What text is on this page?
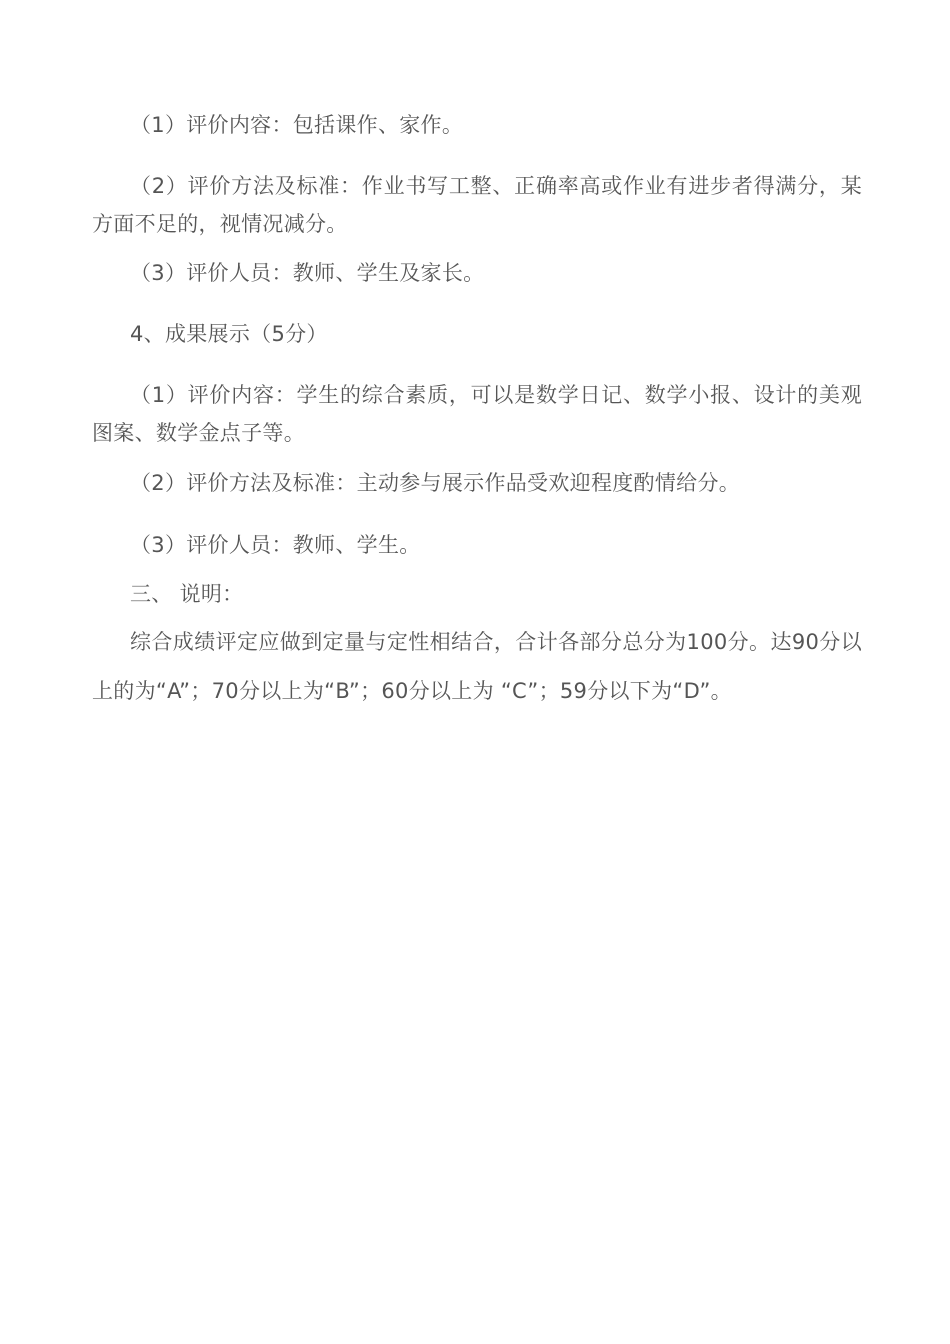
（1）评价内容：包括课作、家作。

（2）评价方法及标准：作业书写工整、正确率高或作业有进步者得满分，某方面不足的，视情况减分。

（3）评价人员：教师、学生及家长。

4、成果展示（5分）

（1）评价内容：学生的综合素质，可以是数学日记、数学小报、设计的美观图案、数学金点子等。

（2）评价方法及标准：主动参与展示作品受欢迎程度酌情给分。

（3）评价人员：教师、学生。

三、 说明：

综合成绩评定应做到定量与定性相结合，合计各部分总分为100分。达90分以上的为“A”；70分以上为“B”；60分以上为 “C”；59分以下为“D”。
